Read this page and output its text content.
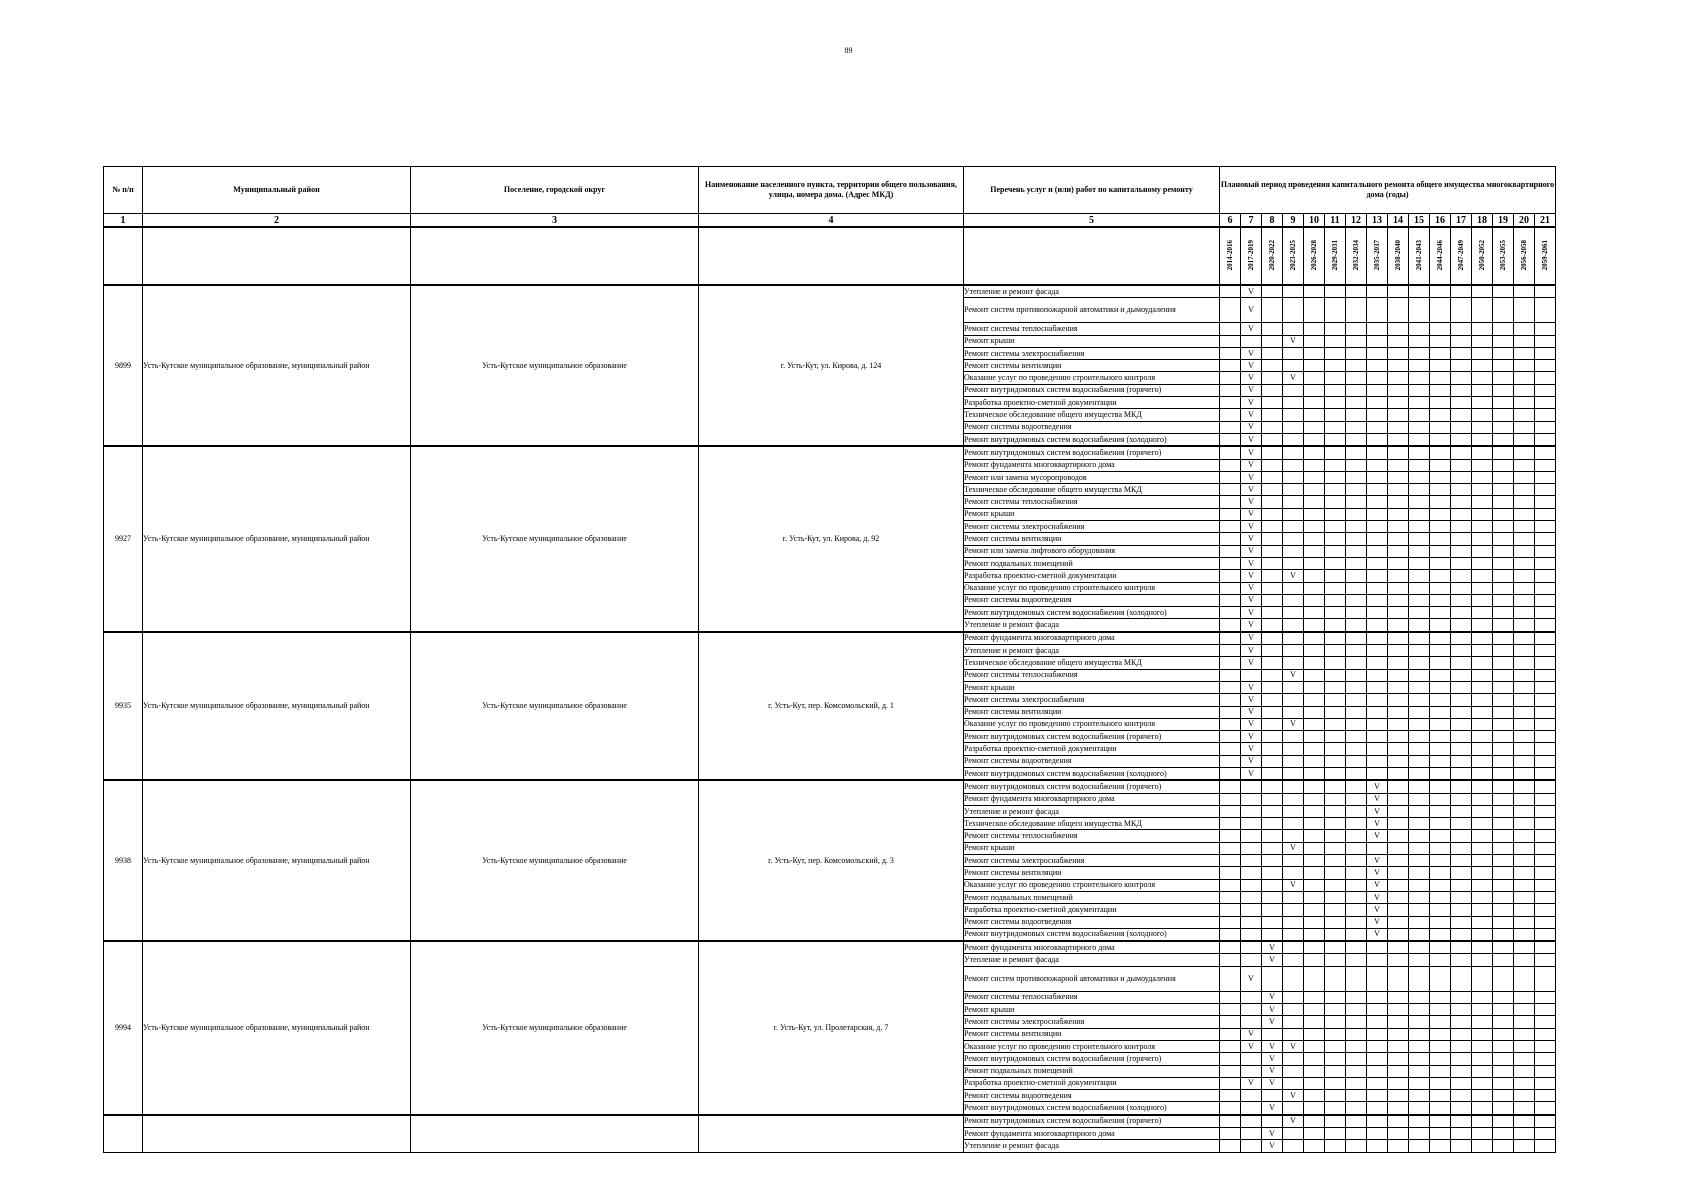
89
№ п/п	Муниципальный район	Поселение, городской округ	Наименование населенного пункта, территории общего пользования, улицы, номера дома. (Адрес МКД)	Перечень услуг и (или) работ по капитальному ремонту	Плановый период проведения капитального ремонта общего имущества многоквартирного дома (годы)															
1	2	3	4	5	6	7	8	9	10	11	12	13	14	15	16	17	18	19	20	21
					2014-2016	2017-2019	2020-2022	2023-2025	2026-2028	2029-2031	2032-2034	2035-2037	2038-2040	2041-2043	2044-2046	2047-2049	2050-2052	2053-2055	2056-2058	2059-2061
9899	Усть-Кутское муниципальное образование, муниципальный район	Усть-Кутское муниципальное образование	г. Усть-Кут, ул. Кирова, д. 124	Утепление и ремонт фасада		V														
				Ремонт систем противопожарной автоматики и дымоудаления		V														
				Ремонт системы теплоснабжения		V														
				Ремонт крыши				V												
				Ремонт системы электроснабжения		V														
				Ремонт системы вентиляции		V														
				Оказание услуг по проведению строительного контроля		V		V												
				Ремонт внутридомовых систем водоснабжения (горячего)		V														
				Разработка проектно-сметной документации		V														
				Техническое обследование общего имущества МКД		V														
				Ремонт системы водоотведения		V														
				Ремонт внутридомовых систем водоснабжения (холодного)		V														
9927	Усть-Кутское муниципальное образование, муниципальный район	Усть-Кутское муниципальное образование	г. Усть-Кут, ул. Кирова, д. 92	Ремонт внутридомовых систем водоснабжения (горячего)		V														
				Ремонт фундамента многоквартирного дома		V														
				Ремонт или замена мусоропроводов		V														
				Техническое обследование общего имущества МКД		V														
				Ремонт системы теплоснабжения		V														
				Ремонт крыши		V														
				Ремонт системы электроснабжения		V														
				Ремонт системы вентиляции		V														
				Ремонт или замена лифтового оборудования		V														
				Ремонт подвальных помещений		V														
				Разработка проектно-сметной документации		V		V												
				Оказание услуг по проведению строительного контроля		V														
				Ремонт системы водоотведения		V														
				Ремонт внутридомовых систем водоснабжения (холодного)		V														
				Утепление и ремонт фасада		V														
9935	Усть-Кутское муниципальное образование, муниципальный район	Усть-Кутское муниципальное образование	г. Усть-Кут, пер. Комсомольский, д. 1	Ремонт фундамента многоквартирного дома		V														
				Утепление и ремонт фасада		V														
				Техническое обследование общего имущества МКД		V														
				Ремонт системы теплоснабжения				V												
				Ремонт крыши		V														
				Ремонт системы электроснабжения		V														
				Ремонт системы вентиляции		V														
				Оказание услуг по проведению строительного контроля		V		V												
				Ремонт внутридомовых систем водоснабжения (горячего)		V														
				Разработка проектно-сметной документации		V														
				Ремонт системы водоотведения		V														
				Ремонт внутридомовых систем водоснабжения (холодного)		V														
9938	Усть-Кутское муниципальное образование, муниципальный район	Усть-Кутское муниципальное образование	г. Усть-Кут, пер. Комсомольский, д. 3	Ремонт внутридомовых систем водоснабжения (горячего)								V								
				Ремонт фундамента многоквартирного дома								V								
				Утепление и ремонт фасада								V								
				Техническое обследование общего имущества МКД								V								
				Ремонт системы теплоснабжения								V								
				Ремонт крыши				V												
				Ремонт системы электроснабжения								V								
				Ремонт системы вентиляции								V								
				Оказание услуг по проведению строительного контроля				V				V								
				Ремонт подвальных помещений								V								
				Разработка проектно-сметной документации								V								
				Ремонт системы водоотведения								V								
				Ремонт внутридомовых систем водоснабжения (холодного)								V								
9994	Усть-Кутское муниципальное образование, муниципальный район	Усть-Кутское муниципальное образование	г. Усть-Кут, ул. Пролетарская, д. 7	Ремонт фундамента многоквартирного дома			V													
				Утепление и ремонт фасада			V													
				Ремонт систем противопожарной автоматики и дымоудаления		V														
				Ремонт системы теплоснабжения			V													
				Ремонт крыши			V													
				Ремонт системы электроснабжения			V													
				Ремонт системы вентиляции		V														
				Оказание услуг по проведению строительного контроля		V	V	V												
				Ремонт внутридомовых систем водоснабжения (горячего)			V													
				Ремонт подвальных помещений			V													
				Разработка проектно-сметной документации		V	V													
				Ремонт системы водоотведения				V												
				Ремонт внутридомовых систем водоснабжения (холодного)			V													
				Ремонт внутридомовых систем водоснабжения (горячего)				V												
				Ремонт фундамента многоквартирного дома			V													
				Утепление и ремонт фасада			V													
